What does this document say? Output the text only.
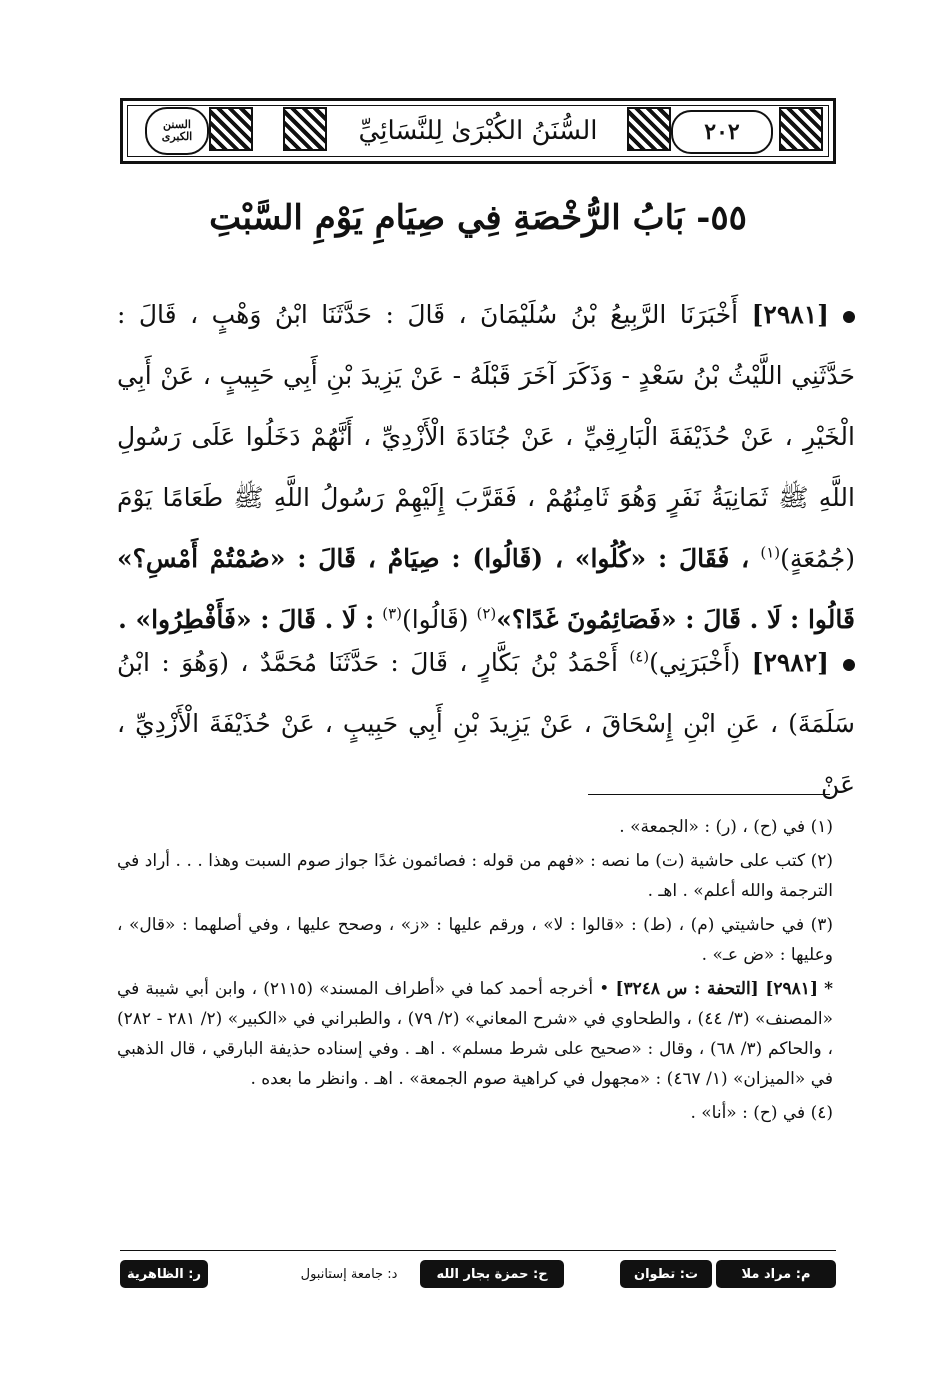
٢٠٢
السنن الكبرى	السُّنَنُ الكُبْرَىٰ لِلنَّسَائِيِّ
٥٥- بَابُ الرُّخْصَةِ فِي صِيَامِ يَوْمِ السَّبْتِ
[٢٩٨١] أَخْبَرَنَا الرَّبِيعُ بْنُ سُلَيْمَانَ ، قَالَ : حَدَّثَنَا ابْنُ وَهْبٍ ، قَالَ : حَدَّثَنِي اللَّيْثُ بْنُ سَعْدٍ - وَذَكَرَ آخَرَ قَبْلَهُ - عَنْ يَزِيدَ بْنِ أَبِي حَبِيبٍ ، عَنْ أَبِي الْخَيْرِ ، عَنْ حُذَيْفَةَ الْبَارِقِيِّ ، عَنْ جُنَادَةَ الْأَزْدِيِّ ، أَنَّهُمْ دَخَلُوا عَلَى رَسُولِ اللَّهِ ﷺ ثَمَانِيَةُ نَفَرٍ وَهُوَ ثَامِنُهُمْ ، فَقَرَّبَ إِلَيْهِمْ رَسُولُ اللَّهِ ﷺ طَعَامًا يَوْمَ (جُمُعَةٍ)$^{(١)}$ ، فَقَالَ : «كُلُوا» ، (قَالُوا) : صِيَامٌ ، قَالَ : «صُمْتُمْ أَمْسِ؟» قَالُوا : لَا . قَالَ : «فَصَائِمُونَ غَدًا؟»$^{(٢)}$ (قَالُوا)$^{(٣)}$ : لَا . قَالَ : «فَأَفْطِرُوا» .
[٢٩٨٢] (أَخْبَرَنِي)$^{(٤)}$ أَحْمَدُ بْنُ بَكَّارٍ ، قَالَ : حَدَّثَنَا مُحَمَّدٌ ، (وَهُوَ : ابْنُ سَلَمَةَ) ، عَنِ ابْنِ إِسْحَاقَ ، عَنْ يَزِيدَ بْنِ أَبِي حَبِيبٍ ، عَنْ حُذَيْفَةَ الْأَزْدِيِّ ، عَنْ
(١) في (ح) ، (ر) : «الجمعة» .
(٢) كتب على حاشية (ت) ما نصه : «فهم من قوله : فصائمون غدًا جواز صوم السبت وهذا . . . أراد في الترجمة والله أعلم» . اهـ .
(٣) في حاشيتي (م) ، (ط) : «قالوا : لا» ، ورقم عليها : «ز» ، وصحح عليها ، وفي أصلهما : «قال» ، وعليها : «ض عـ» .
* [٢٩٨١] [التحفة : س ٣٢٤٨] • أخرجه أحمد كما في «أطراف المسند» (٢١١٥) ، وابن أبي شيبة في «المصنف» (٣/ ٤٤) ، والطحاوي في «شرح المعاني» (٢/ ٧٩) ، والطبراني في «الكبير» (٢/ ٢٨١ - ٢٨٢) ، والحاكم (٣/ ٦٨) ، وقال : «صحيح على شرط مسلم» . اهـ . وفي إسناده حذيفة البارقي ، قال الذهبي في «الميزان» (١/ ٤٦٧) : «مجهول في كراهية صوم الجمعة» . اهـ . وانظر ما بعده .
(٤) في (ح) : «أنا» .
م: مراد ملا
ت: تطوان
ح: حمزة بجار الله
د: جامعة إستانبول
ر: الظاهرية
